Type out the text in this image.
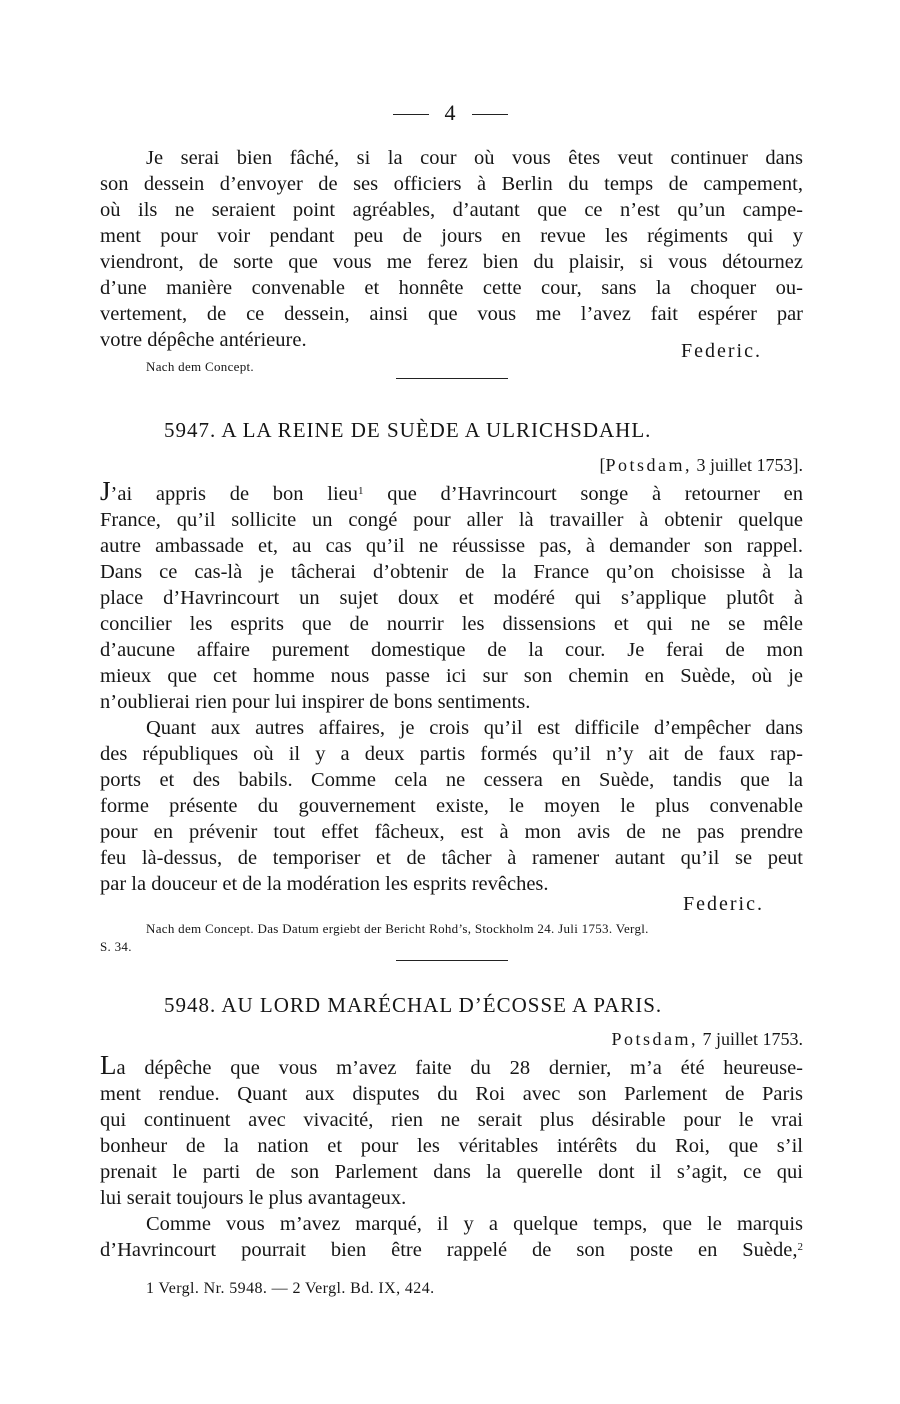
4
Je serai bien fâché, si la cour où vous êtes veut continuer dans
son dessein d’envoyer de ses officiers à Berlin du temps de campement,
où ils ne seraient point agréables, d’autant que ce n’est qu’un campe-
ment pour voir pendant peu de jours en revue les régiments qui y
viendront, de sorte que vous me ferez bien du plaisir, si vous détournez
d’une manière convenable et honnête cette cour, sans la choquer ou-
vertement, de ce dessein, ainsi que vous me l’avez fait espérer par
votre dépêche antérieure.	Federic.
Nach dem Concept.
5947. A LA REINE DE SUÈDE A ULRICHSDAHL.
[Potsdam, 3 juillet 1753].
J’ai appris de bon lieu$^1$ que d’Havrincourt songe à retourner en
France, qu’il sollicite un congé pour aller là travailler à obtenir quelque
autre ambassade et, au cas qu’il ne réussisse pas, à demander son rappel.
Dans ce cas-là je tâcherai d’obtenir de la France qu’on choisisse à la
place d’Havrincourt un sujet doux et modéré qui s’applique plutôt à
concilier les esprits que de nourrir les dissensions et qui ne se mêle
d’aucune affaire purement domestique de la cour. Je ferai de mon
mieux que cet homme nous passe ici sur son chemin en Suède, où je
n’oublierai rien pour lui inspirer de bons sentiments.
Quant aux autres affaires, je crois qu’il est difficile d’empêcher dans
des républiques où il y a deux partis formés qu’il n’y ait de faux rap-
ports et des babils. Comme cela ne cessera en Suède, tandis que la
forme présente du gouvernement existe, le moyen le plus convenable
pour en prévenir tout effet fâcheux, est à mon avis de ne pas prendre
feu là-dessus, de temporiser et de tâcher à ramener autant qu’il se peut
par la douceur et de la modération les esprits revêches.
Federic.
Nach dem Concept. Das Datum ergiebt der Bericht Rohd’s, Stockholm 24. Juli 1753. Vergl.
S. 34.
5948. AU LORD MARÉCHAL D’ÉCOSSE A PARIS.
Potsdam, 7 juillet 1753.
La dépêche que vous m’avez faite du 28 dernier, m’a été heureuse-
ment rendue. Quant aux disputes du Roi avec son Parlement de Paris
qui continuent avec vivacité, rien ne serait plus désirable pour le vrai
bonheur de la nation et pour les véritables intérêts du Roi, que s’il
prenait le parti de son Parlement dans la querelle dont il s’agit, ce qui
lui serait toujours le plus avantageux.
Comme vous m’avez marqué, il y a quelque temps, que le marquis
d’Havrincourt pourrait bien être rappelé de son poste en Suède,$^2$
1 Vergl. Nr. 5948. — 2 Vergl. Bd. IX, 424.
